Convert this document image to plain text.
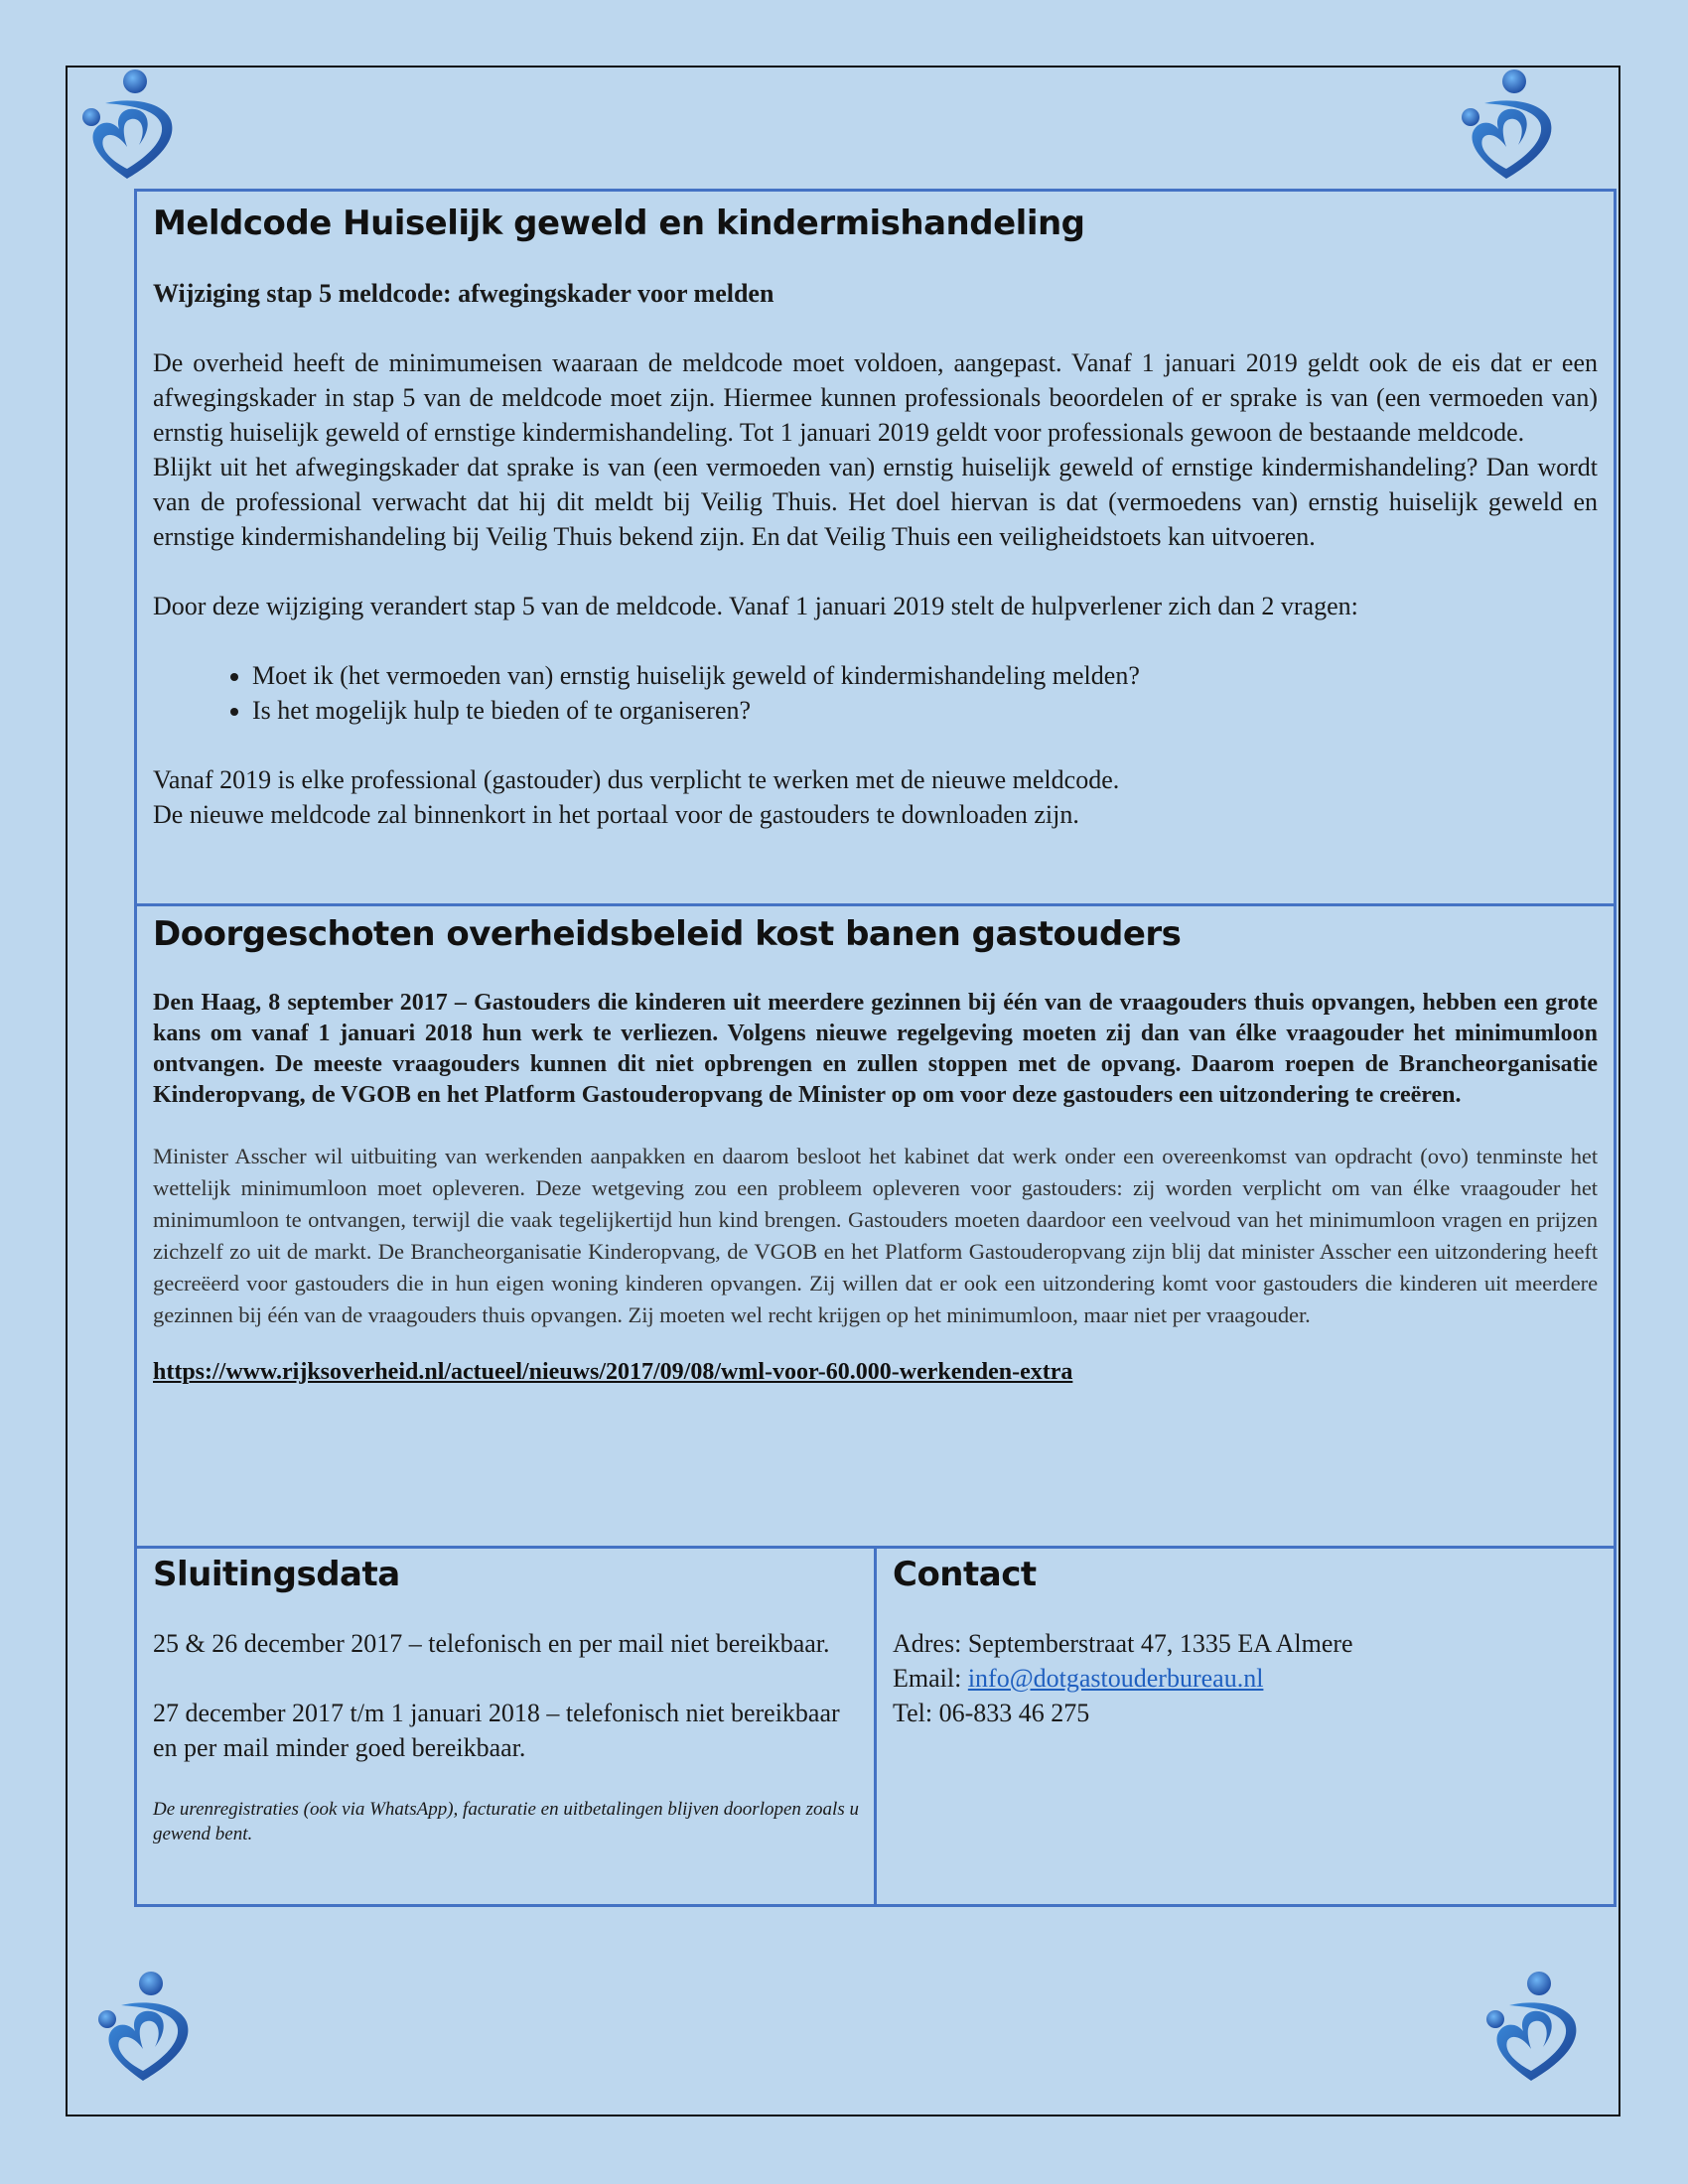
Meldcode Huiselijk geweld en kindermishandeling

Wijziging stap 5 meldcode: afwegingskader voor melden

De overheid heeft de minimumeisen waaraan de meldcode moet voldoen, aangepast. Vanaf 1 januari 2019 geldt ook de eis dat er een afwegingskader in stap 5 van de meldcode moet zijn. Hiermee kunnen professionals beoordelen of er sprake is van (een vermoeden van) ernstig huiselijk geweld of ernstige kindermishandeling. Tot 1 januari 2019 geldt voor professionals gewoon de bestaande meldcode.

Blijkt uit het afwegingskader dat sprake is van (een vermoeden van) ernstig huiselijk geweld of ernstige kindermishandeling? Dan wordt van de professional verwacht dat hij dit meldt bij Veilig Thuis. Het doel hiervan is dat (vermoedens van) ernstig huiselijk geweld en ernstige kindermishandeling bij Veilig Thuis bekend zijn. En dat Veilig Thuis een veiligheidstoets kan uitvoeren.

Door deze wijziging verandert stap 5 van de meldcode. Vanaf 1 januari 2019 stelt de hulpverlener zich dan 2 vragen:

• Moet ik (het vermoeden van) ernstig huiselijk geweld of kindermishandeling melden?
• Is het mogelijk hulp te bieden of te organiseren?

Vanaf 2019 is elke professional (gastouder) dus verplicht te werken met de nieuwe meldcode.

De nieuwe meldcode zal binnenkort in het portaal voor de gastouders te downloaden zijn.

Doorgeschoten overheidsbeleid kost banen gastouders

Den Haag, 8 september 2017 – Gastouders die kinderen uit meerdere gezinnen bij één van de vraagouders thuis opvangen, hebben een grote kans om vanaf 1 januari 2018 hun werk te verliezen. Volgens nieuwe regelgeving moeten zij dan van élke vraagouder het minimumloon ontvangen. De meeste vraagouders kunnen dit niet opbrengen en zullen stoppen met de opvang. Daarom roepen de Brancheorganisatie Kinderopvang, de VGOB en het Platform Gastouderopvang de Minister op om voor deze gastouders een uitzondering te creëren.

Minister Asscher wil uitbuiting van werkenden aanpakken en daarom besloot het kabinet dat werk onder een overeenkomst van opdracht (ovo) tenminste het wettelijk minimumloon moet opleveren. Deze wetgeving zou een probleem opleveren voor gastouders: zij worden verplicht om van élke vraagouder het minimumloon te ontvangen, terwijl die vaak tegelijkertijd hun kind brengen. Gastouders moeten daardoor een veelvoud van het minimumloon vragen en prijzen zichzelf zo uit de markt. De Brancheorganisatie Kinderopvang, de VGOB en het Platform Gastouderopvang zijn blij dat minister Asscher een uitzondering heeft gecreëerd voor gastouders die in hun eigen woning kinderen opvangen. Zij willen dat er ook een uitzondering komt voor gastouders die kinderen uit meerdere gezinnen bij één van de vraagouders thuis opvangen. Zij moeten wel recht krijgen op het minimumloon, maar niet per vraagouder.

https://www.rijksoverheid.nl/actueel/nieuws/2017/09/08/wml-voor-60.000-werkenden-extra

Sluitingsdata

25 & 26 december 2017 – telefonisch en per mail niet bereikbaar.

27 december 2017 t/m 1 januari 2018 – telefonisch niet bereikbaar en per mail minder goed bereikbaar.

De urenregistraties (ook via WhatsApp), facturatie en uitbetalingen blijven doorlopen zoals u gewend bent.

Contact

Adres: Septemberstraat 47, 1335 EA Almere

Email: info@dotgastouderbureau.nl

Tel: 06-833 46 275
